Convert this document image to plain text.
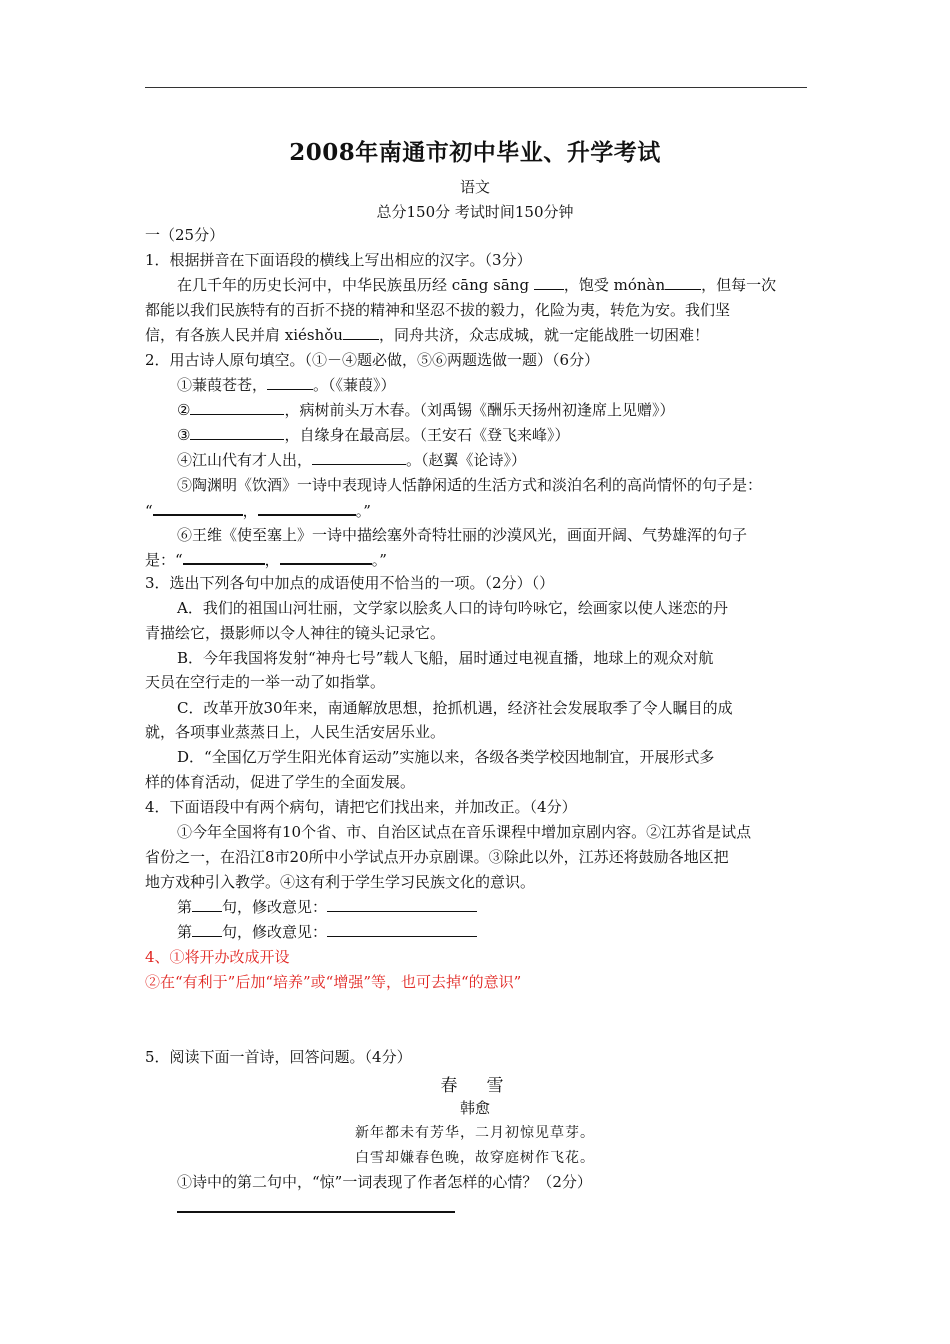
2008年南通市初中毕业、升学考试
语文
总分150分 考试时间150分钟
一（25分）
1．根据拼音在下面语段的横线上写出相应的汉字。（3分）
在几千年的历史长河中，中华民族虽历经 cāng sāng ，饱受 mónàn ，但每一次
都能以我们民族特有的百折不挠的精神和坚忍不拔的毅力，化险为夷，转危为安。我们坚
信，有各族人民并肩 xiéshǒu ，同舟共济，众志成城，就一定能战胜一切困难！
2．用古诗人原句填空。（①－④题必做，⑤⑥两题选做一题）（6分）
①蒹葭苍苍，	。（《蒹葭》）
②	，病树前头万木春。（刘禹锡《酬乐天扬州初逢席上见赠》）
③	，自缘身在最高层。（王安石《登飞来峰》）
④江山代有才人出，	。（赵翼《论诗》）
⑤陶渊明《饮酒》一诗中表现诗人恬静闲适的生活方式和淡泊名利的高尚情怀的句子是：
“	，	。”
⑥王维《使至塞上》一诗中描绘塞外奇特壮丽的沙漠风光，画面开阔、气势雄浑的句子
是：“	，	。”
3．选出下列各句中加点的成语使用不恰当的一项。（2分）（）
A．我们的祖国山河壮丽，文学家以脍炙人口的诗句吟咏它，绘画家以使人迷恋的丹
青描绘它，摄影师以令人神往的镜头记录它。
B．今年我国将发射“神舟七号”载人飞船，届时通过电视直播，地球上的观众对航
天员在空行走的一举一动了如指掌。
C．改革开放30年来，南通解放思想，抢抓机遇，经济社会发展取季了令人瞩目的成
就，各项事业蒸蒸日上，人民生活安居乐业。
D．“全国亿万学生阳光体育运动”实施以来，各级各类学校因地制宜，开展形式多
样的体育活动，促进了学生的全面发展。
4．下面语段中有两个病句，请把它们找出来，并加改正。（4分）
①今年全国将有10个省、市、自治区试点在音乐课程中增加京剧内容。②江苏省是试点
省份之一，在沿江8市20所中小学试点开办京剧课。③除此以外，江苏还将鼓励各地区把
地方戏种引入教学。④这有利于学生学习民族文化的意识。
第 句，修改意见：
第 句，修改意见：
4、①将开办改成开设
②在“有利于”后加“培养”或“增强”等，也可去掉“的意识”
5．阅读下面一首诗，回答问题。（4分）
春　雪
韩愈
新年都未有芳华，二月初惊见草芽。
白雪却嫌春色晚，故穿庭树作飞花。
①诗中的第二句中，“惊”一词表现了作者怎样的心情？（2分）
